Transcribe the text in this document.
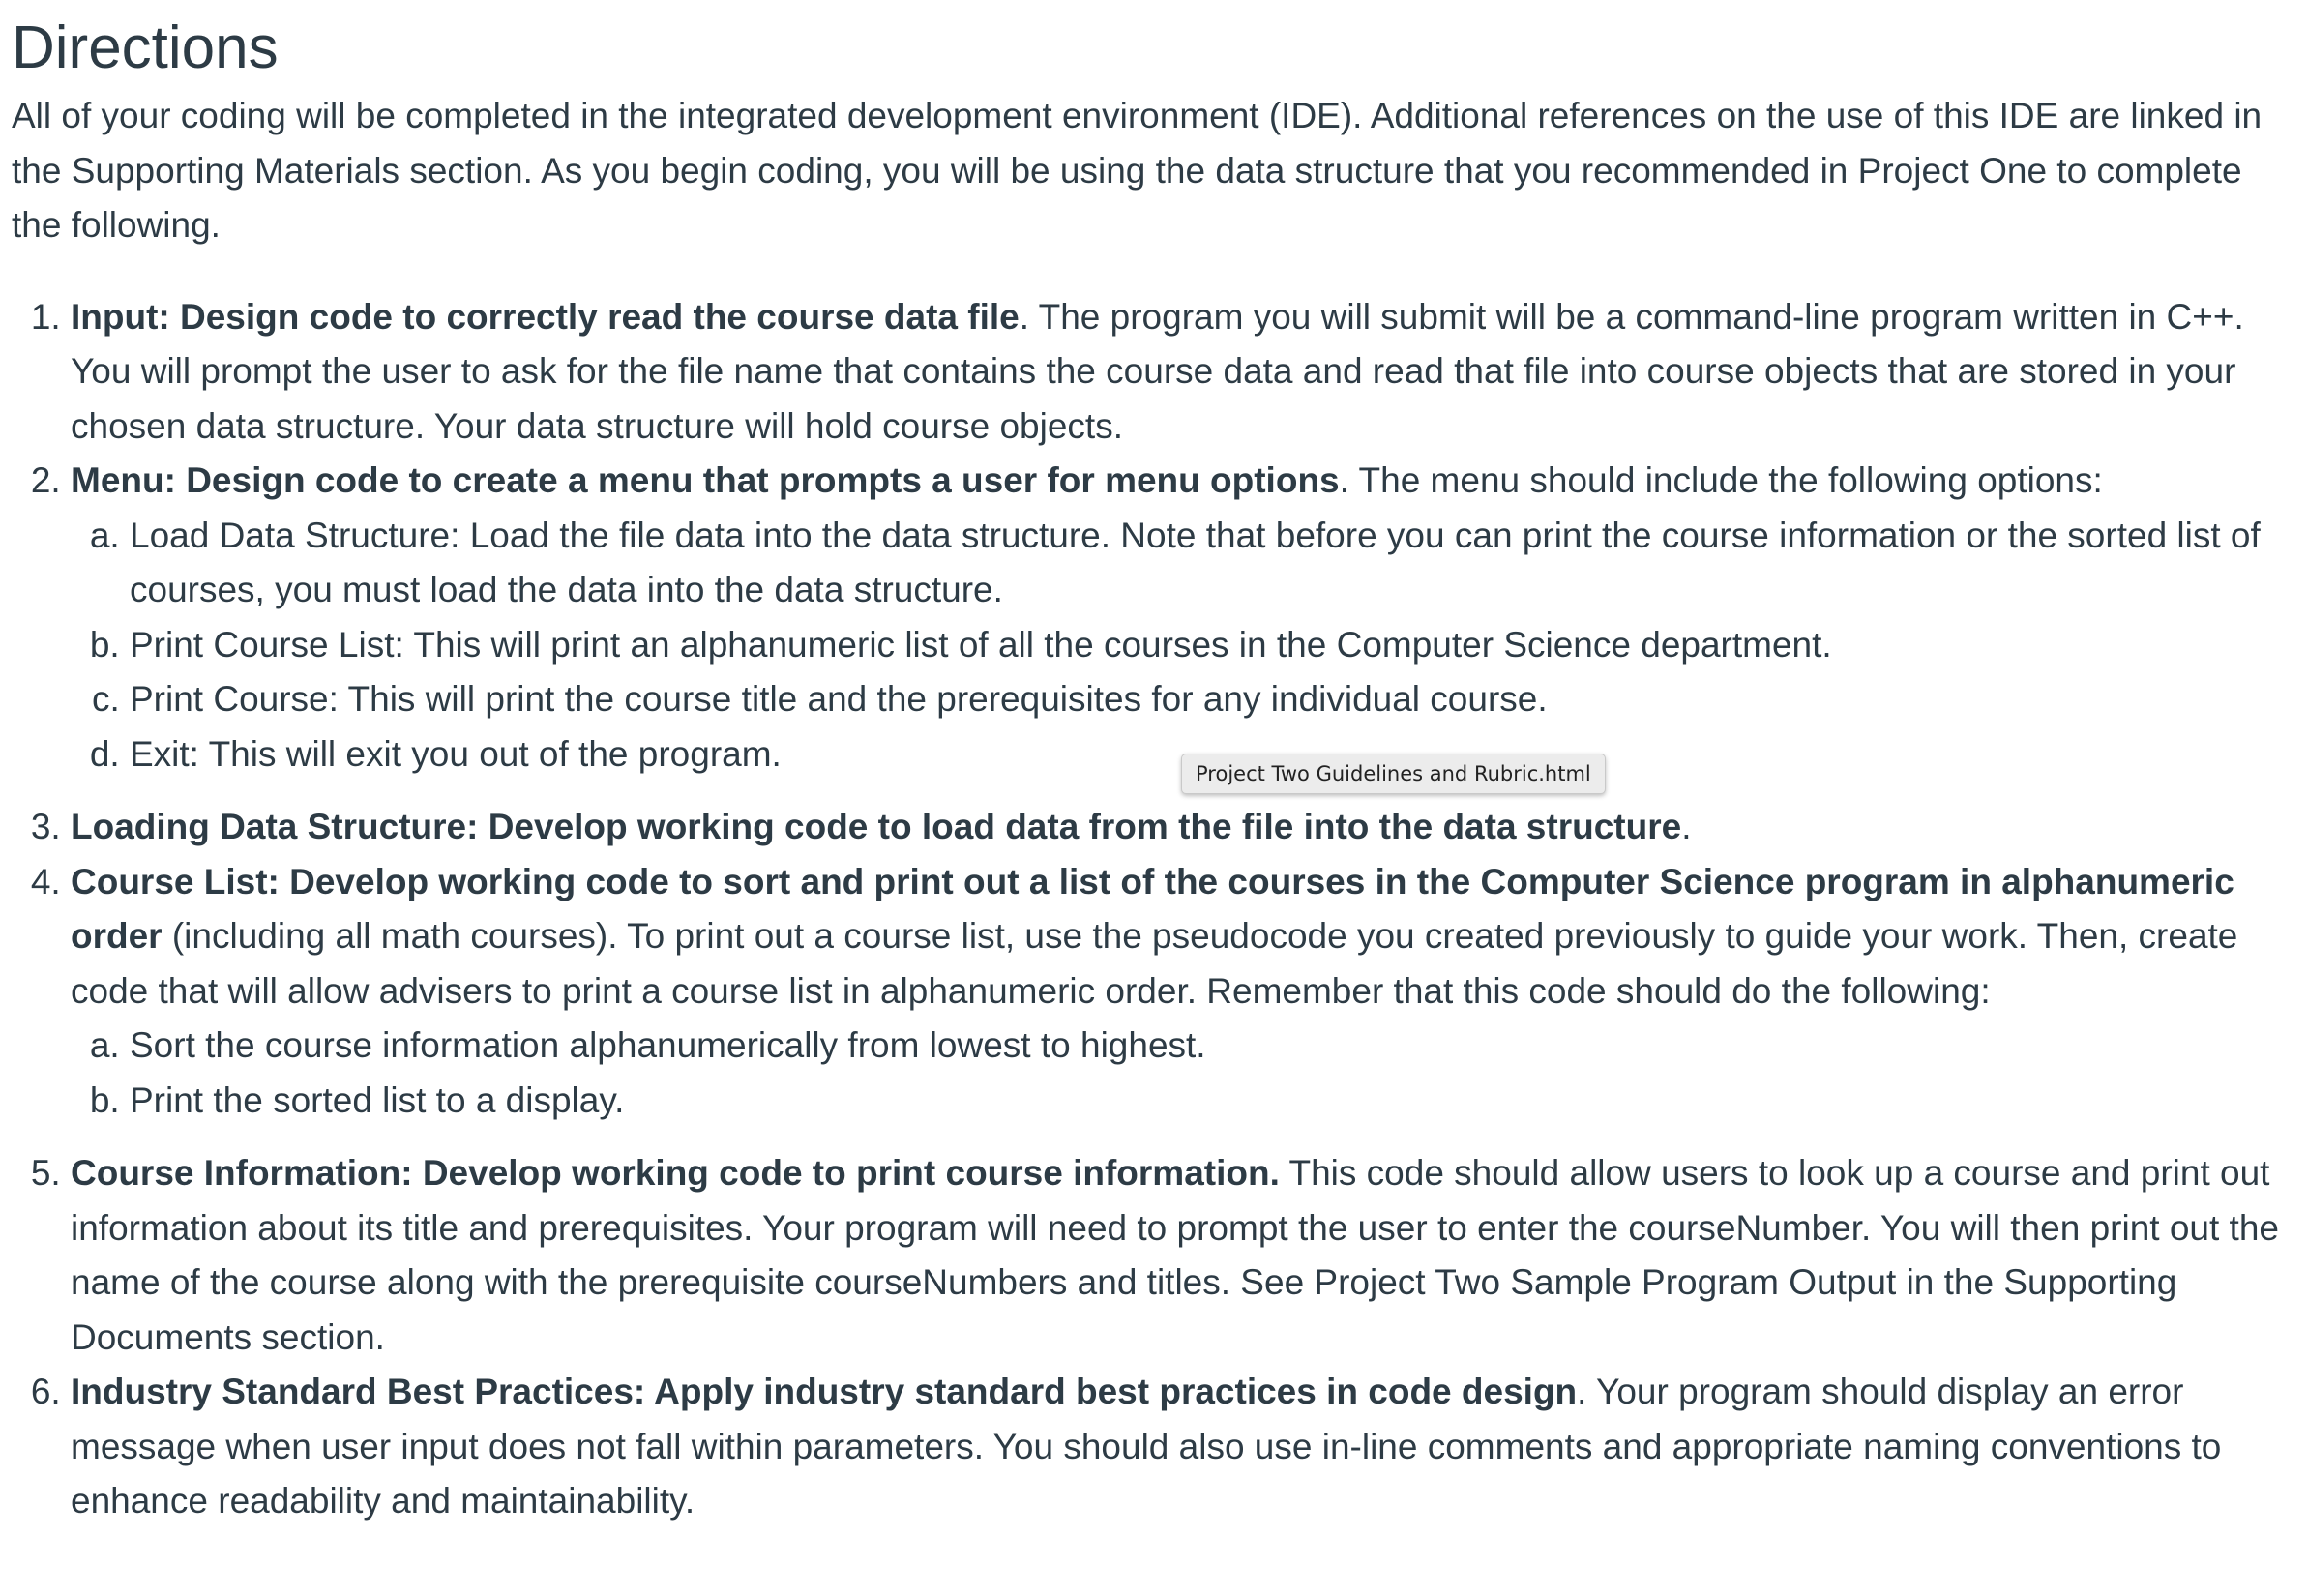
Directions

All of your coding will be completed in the integrated development environment (IDE). Additional references on the use of this IDE are linked in the Supporting Materials section. As you begin coding, you will be using the data structure that you recommended in Project One to complete the following.

1. Input: Design code to correctly read the course data file. The program you will submit will be a command-line program written in C++. You will prompt the user to ask for the file name that contains the course data and read that file into course objects that are stored in your chosen data structure. Your data structure will hold course objects.
2. Menu: Design code to create a menu that prompts a user for menu options. The menu should include the following options:
a. Load Data Structure: Load the file data into the data structure. Note that before you can print the course information or the sorted list of courses, you must load the data into the data structure.
b. Print Course List: This will print an alphanumeric list of all the courses in the Computer Science department.
c. Print Course: This will print the course title and the prerequisites for any individual course.
d. Exit: This will exit you out of the program.
3. Loading Data Structure: Develop working code to load data from the file into the data structure.
4. Course List: Develop working code to sort and print out a list of the courses in the Computer Science program in alphanumeric order (including all math courses). To print out a course list, use the pseudocode you created previously to guide your work. Then, create code that will allow advisers to print a course list in alphanumeric order. Remember that this code should do the following:
a. Sort the course information alphanumerically from lowest to highest.
b. Print the sorted list to a display.
5. Course Information: Develop working code to print course information. This code should allow users to look up a course and print out information about its title and prerequisites. Your program will need to prompt the user to enter the courseNumber. You will then print out the name of the course along with the prerequisite courseNumbers and titles. See Project Two Sample Program Output in the Supporting Documents section.
6. Industry Standard Best Practices: Apply industry standard best practices in code design. Your program should display an error message when user input does not fall within parameters. You should also use in-line comments and appropriate naming conventions to enhance readability and maintainability.
Project Two Guidelines and Rubric.html
